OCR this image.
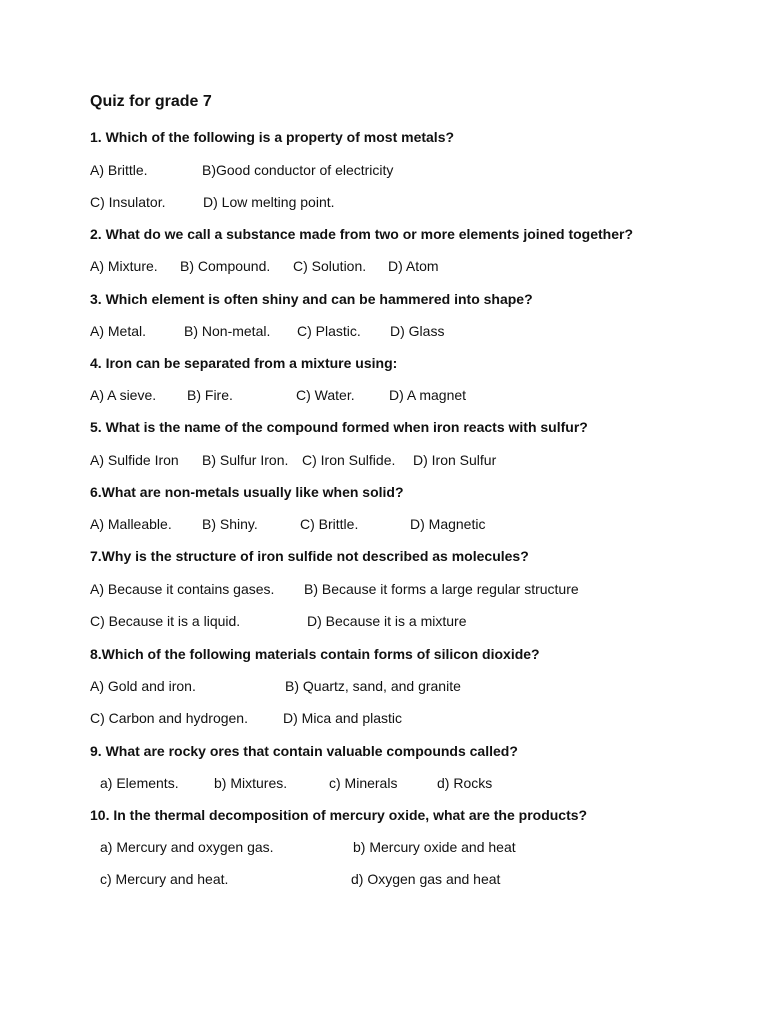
Quiz for grade 7
1. Which of the following is a property of most metals?
A) Brittle.	B)Good conductor of electricity
C) Insulator.	D) Low melting point.
2. What do we call a substance made from two or more elements joined together?
A) Mixture. B) Compound. C) Solution. D) Atom
3. Which element is often shiny and can be hammered into shape?
A) Metal.	B) Non-metal. C) Plastic. D) Glass
4. Iron can be separated from a mixture using:
A) A sieve. B) Fire.	C) Water. D) A magnet
5. What is the name of the compound formed when iron reacts with sulfur?
A) Sulfide Iron B) Sulfur Iron. C) Iron Sulfide. D) Iron Sulfur
6.What are non-metals usually like when solid?
A) Malleable. B) Shiny.	C) Brittle.	D) Magnetic
7.Why is the structure of iron sulfide not described as molecules?
A) Because it contains gases. B) Because it forms a large regular structure
C) Because it is a liquid.	D) Because it is a mixture
8.Which of the following materials contain forms of silicon dioxide?
A) Gold and iron.	B) Quartz, sand, and granite
C) Carbon and hydrogen.	D) Mica and plastic
9. What are rocky ores that contain valuable compounds called?
a) Elements.	b) Mixtures.	c) Minerals	d) Rocks
10. In the thermal decomposition of mercury oxide, what are the products?
a) Mercury and oxygen gas.	b) Mercury oxide and heat
c) Mercury and heat.	d) Oxygen gas and heat
